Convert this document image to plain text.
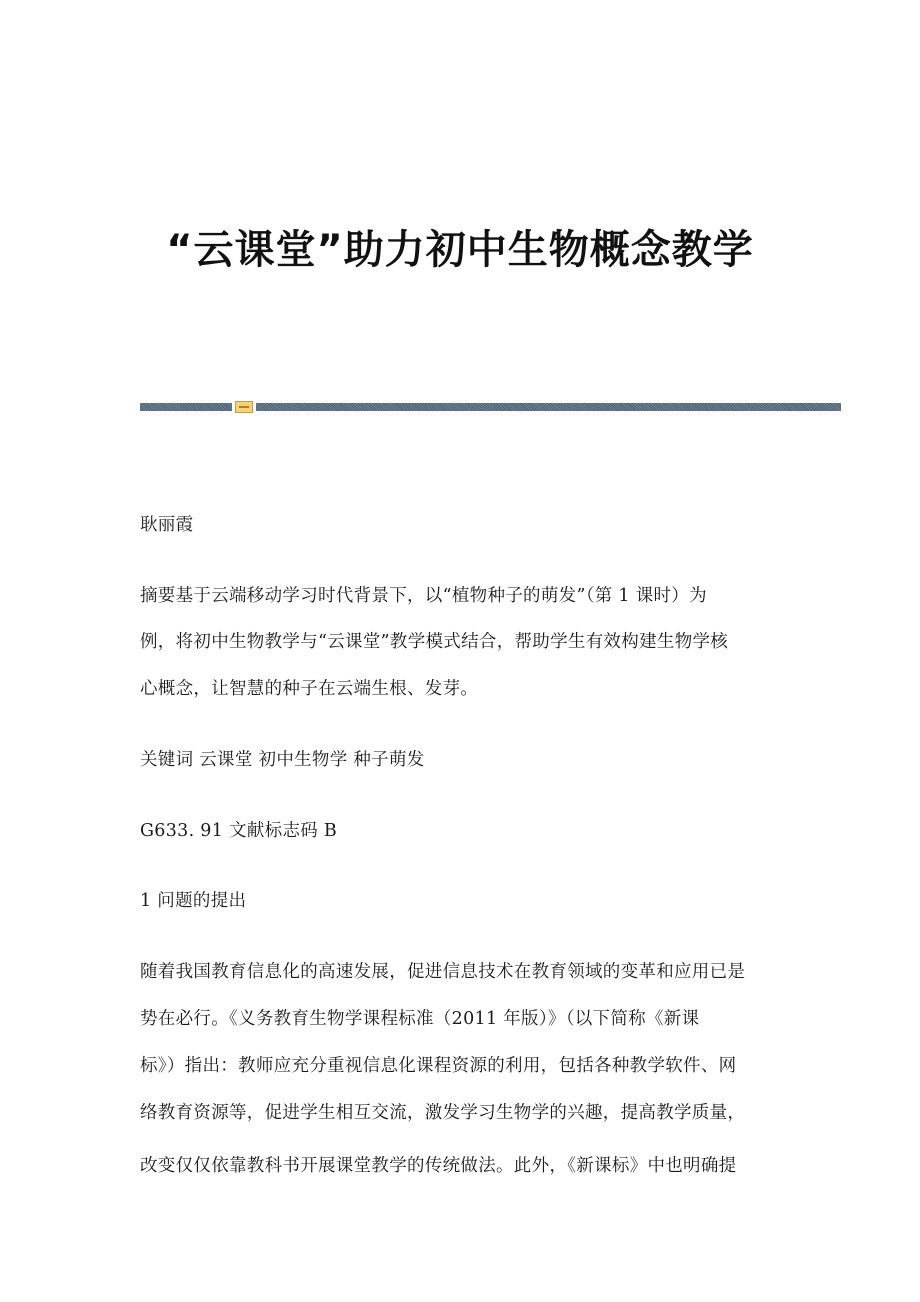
“云课堂”助力初中生物概念教学
耿丽霞
摘要基于云端移动学习时代背景下，以“植物种子的萌发”（第 1 课时）为
例，将初中生物教学与“云课堂”教学模式结合，帮助学生有效构建生物学核
心概念，让智慧的种子在云端生根、发芽。
关键词 云课堂 初中生物学 种子萌发
G633. 91 文献标志码 B
1 问题的提出
随着我国教育信息化的高速发展，促进信息技术在教育领域的变革和应用已是
势在必行。《义务教育生物学课程标准（2011 年版）》（以下简称《新课
标》）指出：教师应充分重视信息化课程资源的利用，包括各种教学软件、网
络教育资源等，促进学生相互交流，激发学习生物学的兴趣，提高教学质量，
改变仅仅依靠教科书开展课堂教学的传统做法。此外，《新课标》中也明确提
